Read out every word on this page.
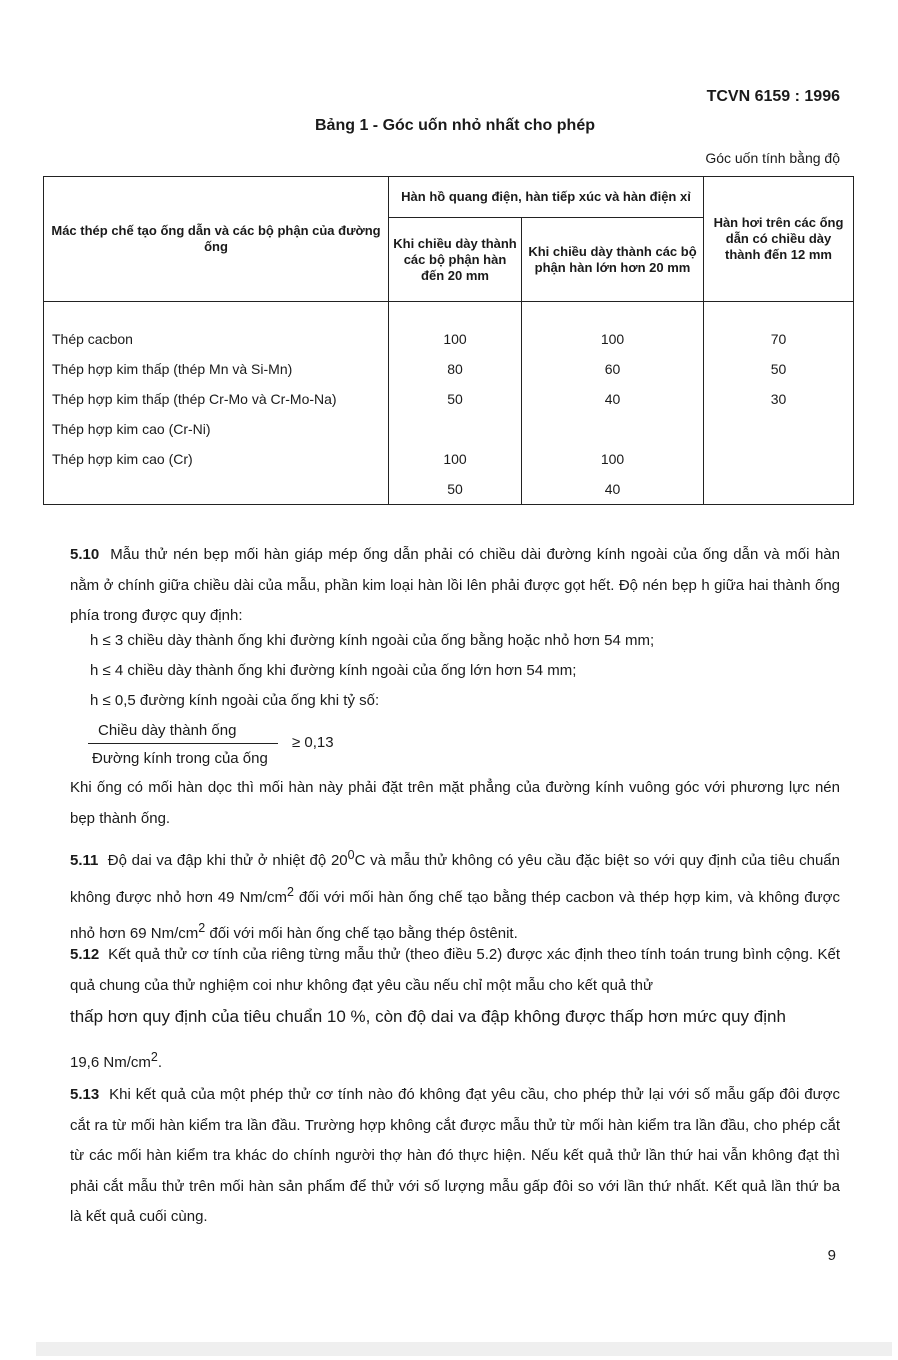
TCVN 6159 : 1996
Bảng 1 - Góc uốn nhỏ nhất cho phép
Góc uốn tính bằng độ
Mác thép chế tạo ống dẫn và các bộ phận của đường ống	Hàn hồ quang điện, hàn tiếp xúc và hàn điện xỉ		Hàn hơi trên các ống dẫn có chiều dày thành đến 12 mm
	Khi chiều dày thành các bộ phận hàn đến 20 mm	Khi chiều dày thành các bộ phận hàn lớn hơn 20 mm	

Thép cacbon	100	100	70
Thép hợp kim thấp (thép Mn và Si-Mn)	80	60	50
Thép hợp kim thấp (thép Cr-Mo và Cr-Mo-Na)	50	40	30
Thép hợp kim cao (Cr-Ni)			
Thép hợp kim cao (Cr)	100	100	
	50	40	
5.10 Mẫu thử nén bẹp mối hàn giáp mép ống dẫn phải có chiều dài đường kính ngoài của ống dẫn và mối hàn nằm ở chính giữa chiều dài của mẫu, phần kim loại hàn lồi lên phải được gọt hết. Độ nén bẹp h giữa hai thành ống phía trong được quy định:
h ≤ 3 chiều dày thành ống khi đường kính ngoài của ống bằng hoặc nhỏ hơn 54 mm;
h ≤ 4 chiều dày thành ống khi đường kính ngoài của ống lớn hơn 54 mm;
h ≤ 0,5 đường kính ngoài của ống khi tỷ số:
Chiều dày thành ống
Đường kính trong của ống
≥ 0,13
Khi ống có mối hàn dọc thì mối hàn này phải đặt trên mặt phẳng của đường kính vuông góc với phương lực nén bẹp thành ống.
5.11 Độ dai va đập khi thử ở nhiệt độ $20^0C$ và mẫu thử không có yêu cầu đặc biệt so với quy định của tiêu chuẩn không được nhỏ hơn 49 $Nm/cm^2$ đối với mối hàn ống chế tạo bằng thép cacbon và thép hợp kim, và không được nhỏ hơn 69 $Nm/cm^2$ đối với mối hàn ống chế tạo bằng thép ôstênit.
5.12 Kết quả thử cơ tính của riêng từng mẫu thử (theo điều 5.2) được xác định theo tính toán trung bình cộng. Kết quả chung của thử nghiệm coi như không đạt yêu cầu nếu chỉ một mẫu cho kết quả thử
thấp hơn quy định của tiêu chuẩn 10 %, còn độ dai va đập không được thấp hơn mức quy định
19,6 $Nm/cm^2$.
5.13 Khi kết quả của một phép thử cơ tính nào đó không đạt yêu cầu, cho phép thử lại với số mẫu gấp đôi được cắt ra từ mối hàn kiểm tra lần đầu. Trường hợp không cắt được mẫu thử từ mối hàn kiểm tra lần đầu, cho phép cắt từ các mối hàn kiểm tra khác do chính người thợ hàn đó thực hiện. Nếu kết quả thử lần thứ hai vẫn không đạt thì phải cắt mẫu thử trên mối hàn sản phẩm để thử với số lượng mẫu gấp đôi so với lần thứ nhất. Kết quả lần thứ ba là kết quả cuối cùng.
9
